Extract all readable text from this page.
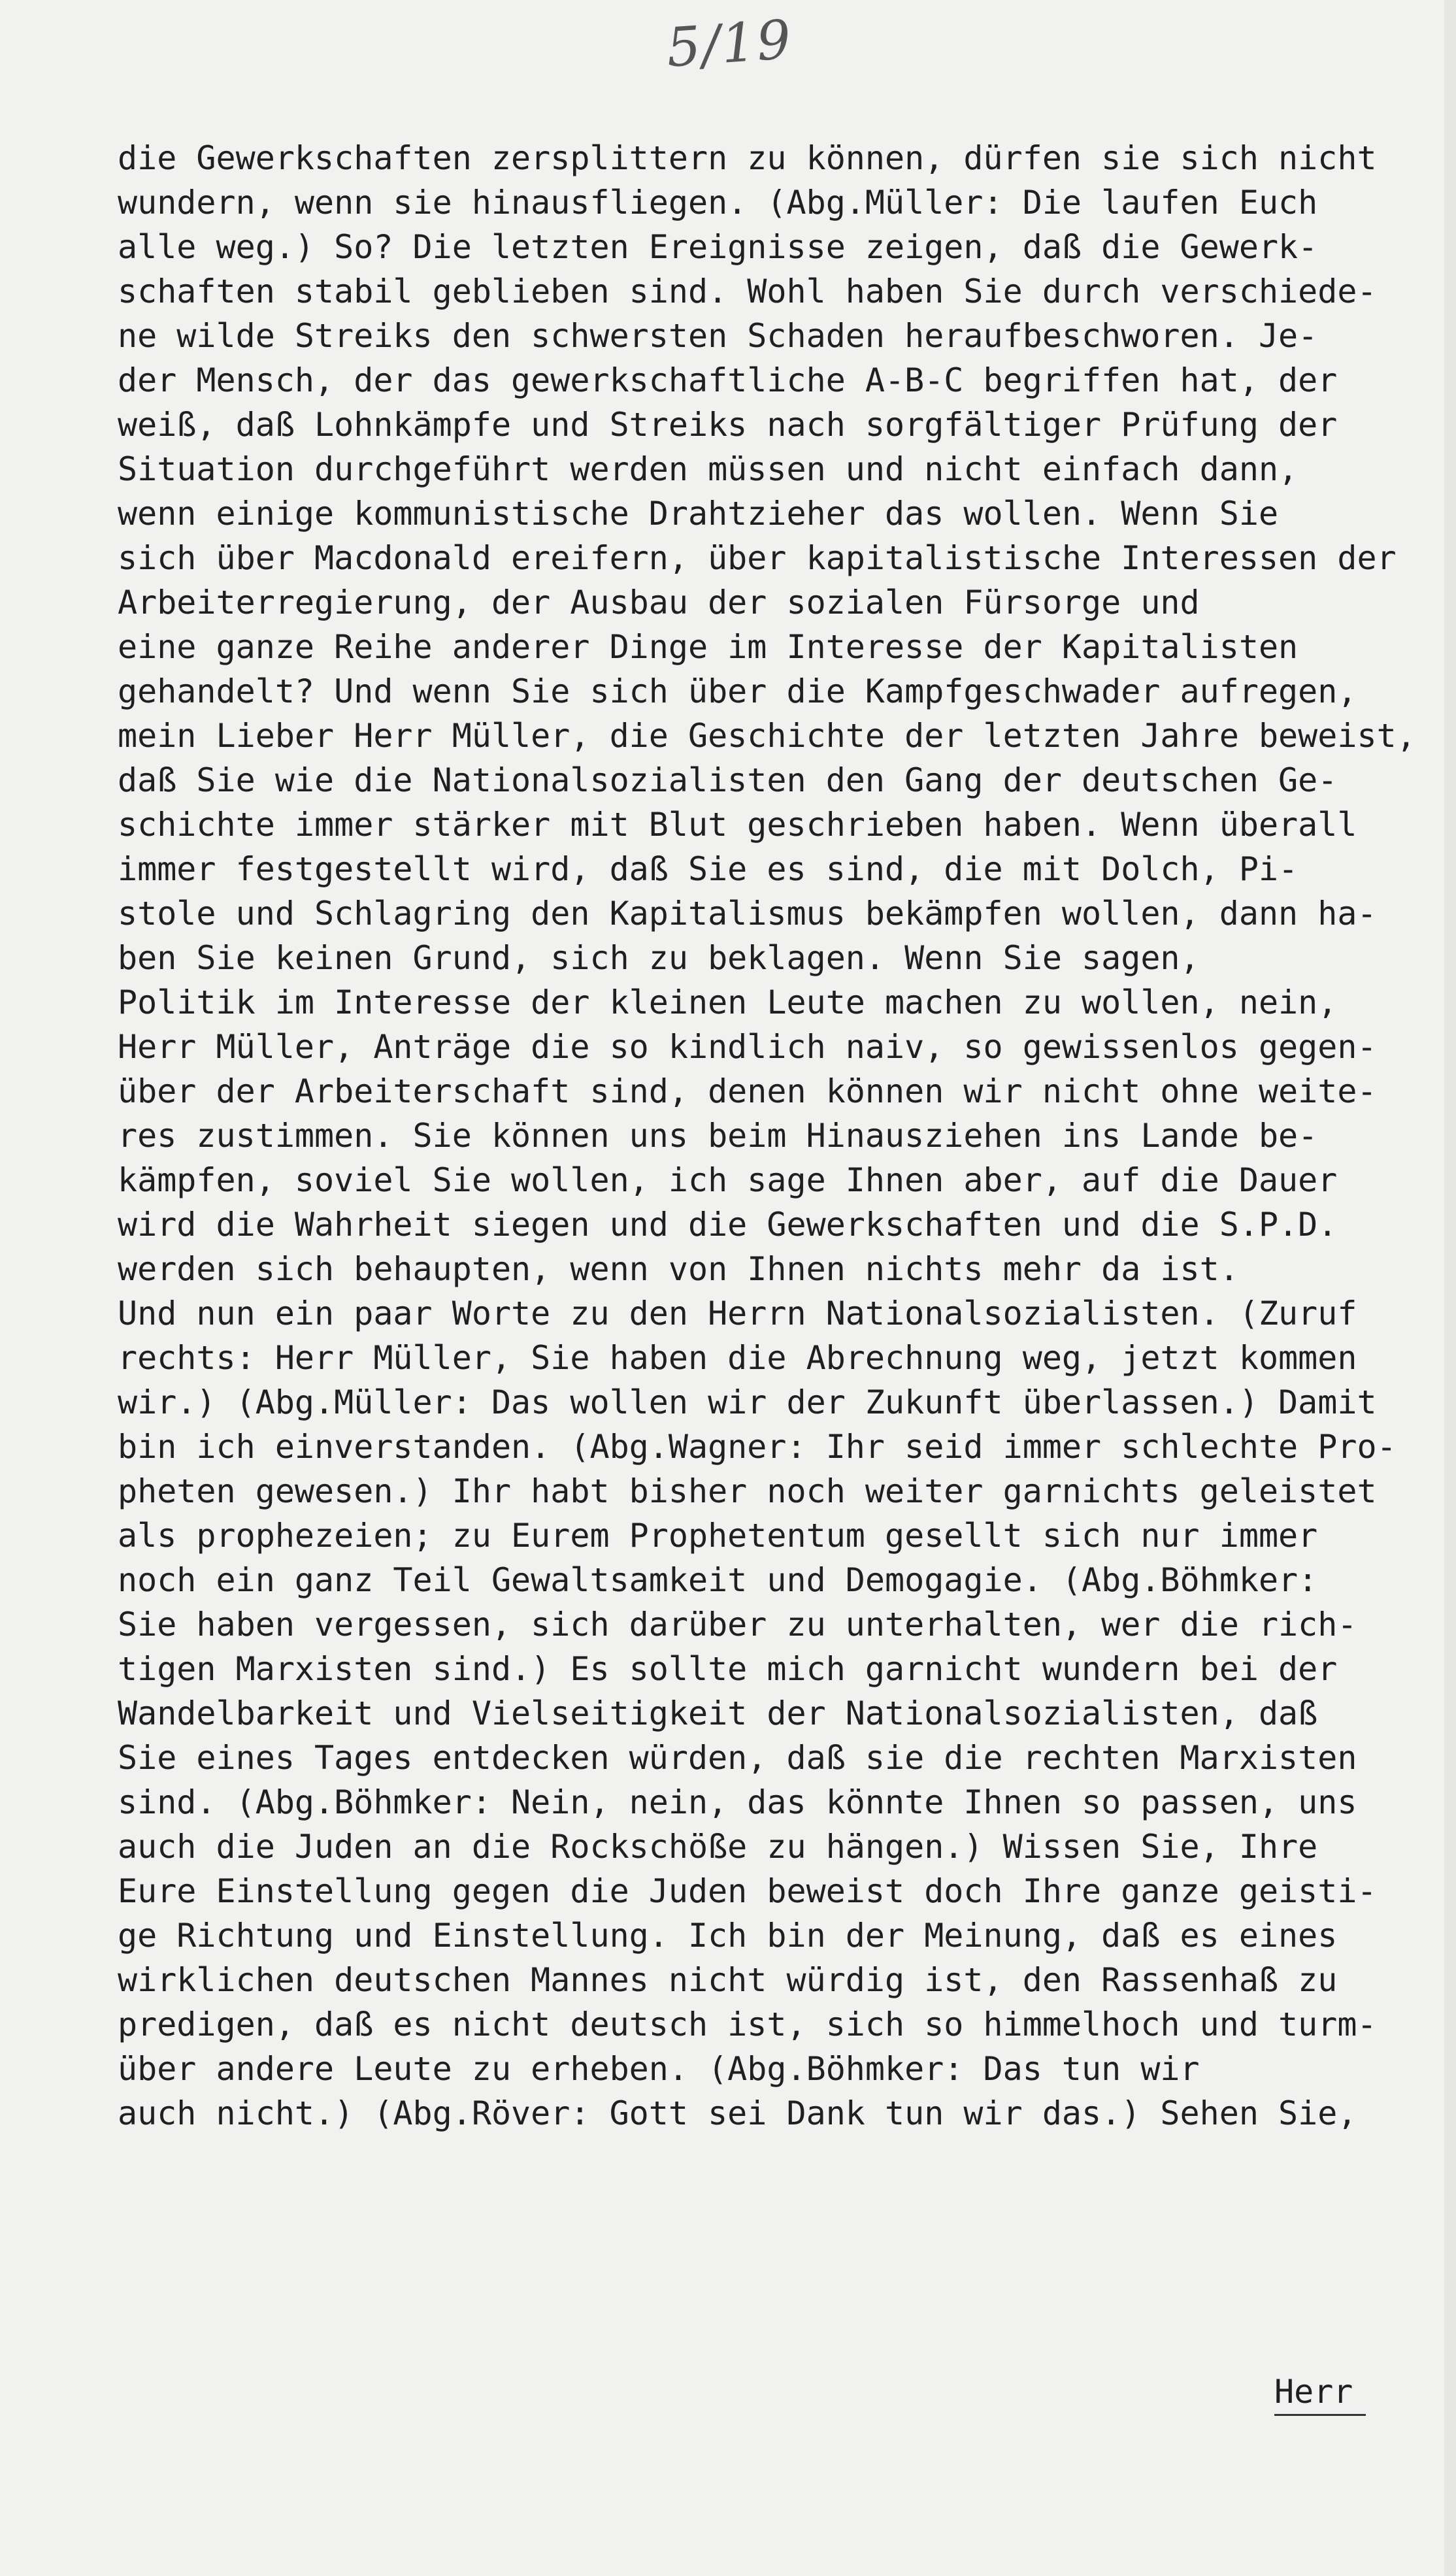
5/19
die Gewerkschaften zersplittern zu können, dürfen sie sich nicht
wundern, wenn sie hinausfliegen. (Abg.Müller: Die laufen Euch
alle weg.) So? Die letzten Ereignisse zeigen, daß die Gewerk-
schaften stabil geblieben sind. Wohl haben Sie durch verschiede-
ne wilde Streiks den schwersten Schaden heraufbeschworen. Je-
der Mensch, der das gewerkschaftliche A-B-C begriffen hat, der
weiß, daß Lohnkämpfe und Streiks nach sorgfältiger Prüfung der
Situation durchgeführt werden müssen und nicht einfach dann,
wenn einige kommunistische Drahtzieher das wollen. Wenn Sie
sich über Macdonald ereifern, über kapitalistische Interessen der
Arbeiterregierung, der Ausbau der sozialen Fürsorge und
eine ganze Reihe anderer Dinge im Interesse der Kapitalisten
gehandelt? Und wenn Sie sich über die Kampfgeschwader aufregen,
mein Lieber Herr Müller, die Geschichte der letzten Jahre beweist,
daß Sie wie die Nationalsozialisten den Gang der deutschen Ge-
schichte immer stärker mit Blut geschrieben haben. Wenn überall
immer festgestellt wird, daß Sie es sind, die mit Dolch, Pi-
stole und Schlagring den Kapitalismus bekämpfen wollen, dann ha-
ben Sie keinen Grund, sich zu beklagen. Wenn Sie sagen,
Politik im Interesse der kleinen Leute machen zu wollen, nein,
Herr Müller, Anträge die so kindlich naiv, so gewissenlos gegen-
über der Arbeiterschaft sind, denen können wir nicht ohne weite-
res zustimmen. Sie können uns beim Hinausziehen ins Lande be-
kämpfen, soviel Sie wollen, ich sage Ihnen aber, auf die Dauer
wird die Wahrheit siegen und die Gewerkschaften und die S.P.D.
werden sich behaupten, wenn von Ihnen nichts mehr da ist.
Und nun ein paar Worte zu den Herrn Nationalsozialisten. (Zuruf
rechts: Herr Müller, Sie haben die Abrechnung weg, jetzt kommen
wir.) (Abg.Müller: Das wollen wir der Zukunft überlassen.) Damit
bin ich einverstanden. (Abg.Wagner: Ihr seid immer schlechte Pro-
pheten gewesen.) Ihr habt bisher noch weiter garnichts geleistet
als prophezeien; zu Eurem Prophetentum gesellt sich nur immer
noch ein ganz Teil Gewaltsamkeit und Demogagie. (Abg.Böhmker:
Sie haben vergessen, sich darüber zu unterhalten, wer die rich-
tigen Marxisten sind.) Es sollte mich garnicht wundern bei der
Wandelbarkeit und Vielseitigkeit der Nationalsozialisten, daß
Sie eines Tages entdecken würden, daß sie die rechten Marxisten
sind. (Abg.Böhmker: Nein, nein, das könnte Ihnen so passen, uns
auch die Juden an die Rockschöße zu hängen.) Wissen Sie, Ihre
Eure Einstellung gegen die Juden beweist doch Ihre ganze geisti-
ge Richtung und Einstellung. Ich bin der Meinung, daß es eines
wirklichen deutschen Mannes nicht würdig ist, den Rassenhaß zu
predigen, daß es nicht deutsch ist, sich so himmelhoch und turm-
über andere Leute zu erheben. (Abg.Böhmker: Das tun wir
auch nicht.) (Abg.Röver: Gott sei Dank tun wir das.) Sehen Sie,
Herr
